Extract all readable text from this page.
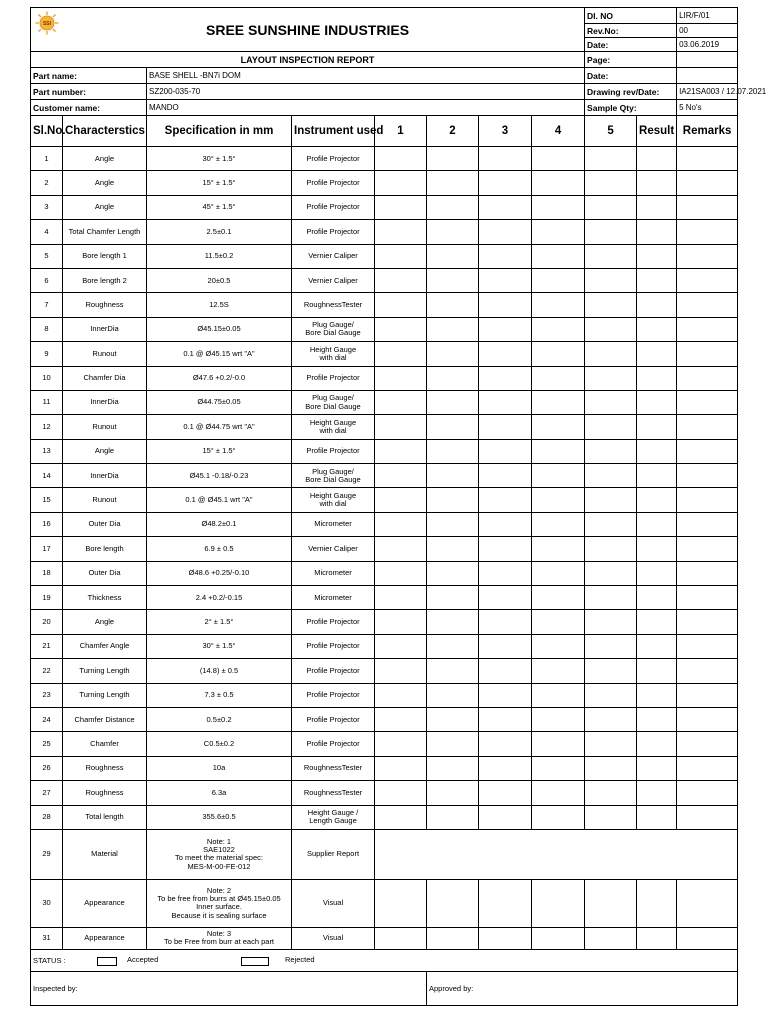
SSI SREE SUNSHINE INDUSTRIES								DI. NO		LIR/F/01
								Rev.No:		00
								Date:		03.06.2019
LAYOUT INSPECTION REPORT								Page:		
Part name:		BASE SHELL -BN7i DOM						Date:		
Part number:		SZ200-035-70						Drawing rev/Date:		IA21SA003 / 12.07.2021
Customer name:		MANDO						Sample Qty:		5 No's
Sl.No.	Characterstics	Specification in mm	Instrument used	1	2	3	4	5	Result	Remarks
1	Angle	30° ± 1.5°	Profile Projector							
2	Angle	15° ± 1.5°	Profile Projector							
3	Angle	45° ± 1.5°	Profile Projector							
4	Total Chamfer Length	2.5±0.1	Profile Projector							
5	Bore length 1	11.5±0.2	Vernier Caliper							
6	Bore length 2	20±0.5	Vernier Caliper							
7	Roughness	12.5S	RoughnessTester							
8	InnerDia	Ø45.15±0.05	Plug Gauge/
Bore Dial Gauge							
9	Runout	0.1 @ Ø45.15 wrt "A"	Height Gauge
with dial							
10	Chamfer Dia	Ø47.6 +0.2/-0.0	Profile Projector							
11	InnerDia	Ø44.75±0.05	Plug Gauge/
Bore Dial Gauge							
12	Runout	0.1 @ Ø44.75 wrt "A"	Height Gauge
with dial							
13	Angle	15° ± 1.5°	Profile Projector							
14	InnerDia	Ø45.1 -0.18/-0.23	Plug Gauge/
Bore Dial Gauge							
15	Runout	0.1 @ Ø45.1 wrt "A"	Height Gauge
with dial							
16	Outer Dia	Ø48.2±0.1	Micrometer							
17	Bore length	6.9 ± 0.5	Vernier Caliper							
18	Outer Dia	Ø48.6 +0.25/-0.10	Micrometer							
19	Thickness	2.4 +0.2/-0.15	Micrometer							
20	Angle	2° ± 1.5°	Profile Projector							
21	Chamfer Angle	30° ± 1.5°	Profile Projector							
22	Turning Length	(14.8) ± 0.5	Profile Projector							
23	Turning Length	7.3 ± 0.5	Profile Projector							
24	Chamfer Distance	0.5±0.2	Profile Projector							
25	Chamfer	C0.5±0.2	Profile Projector							
26	Roughness	10a	RoughnessTester							
27	Roughness	6.3a	RoughnessTester							
28	Total length	355.6±0.5	Height Gauge /
Length Gauge							
29	Material	Note: 1
SAE1022
To meet the material spec:
MES-M-00-FE-012	Supplier Report							
30	Appearance	Note: 2
To be free from burrs at Ø45.15±0.05
Inner surface.
Because it is sealing surface	Visual							
31	Appearance	Note: 3
To be Free from burr at each part	Visual							
STATUS : Accepted Rejected										

Inspected by:					Approved by:					
